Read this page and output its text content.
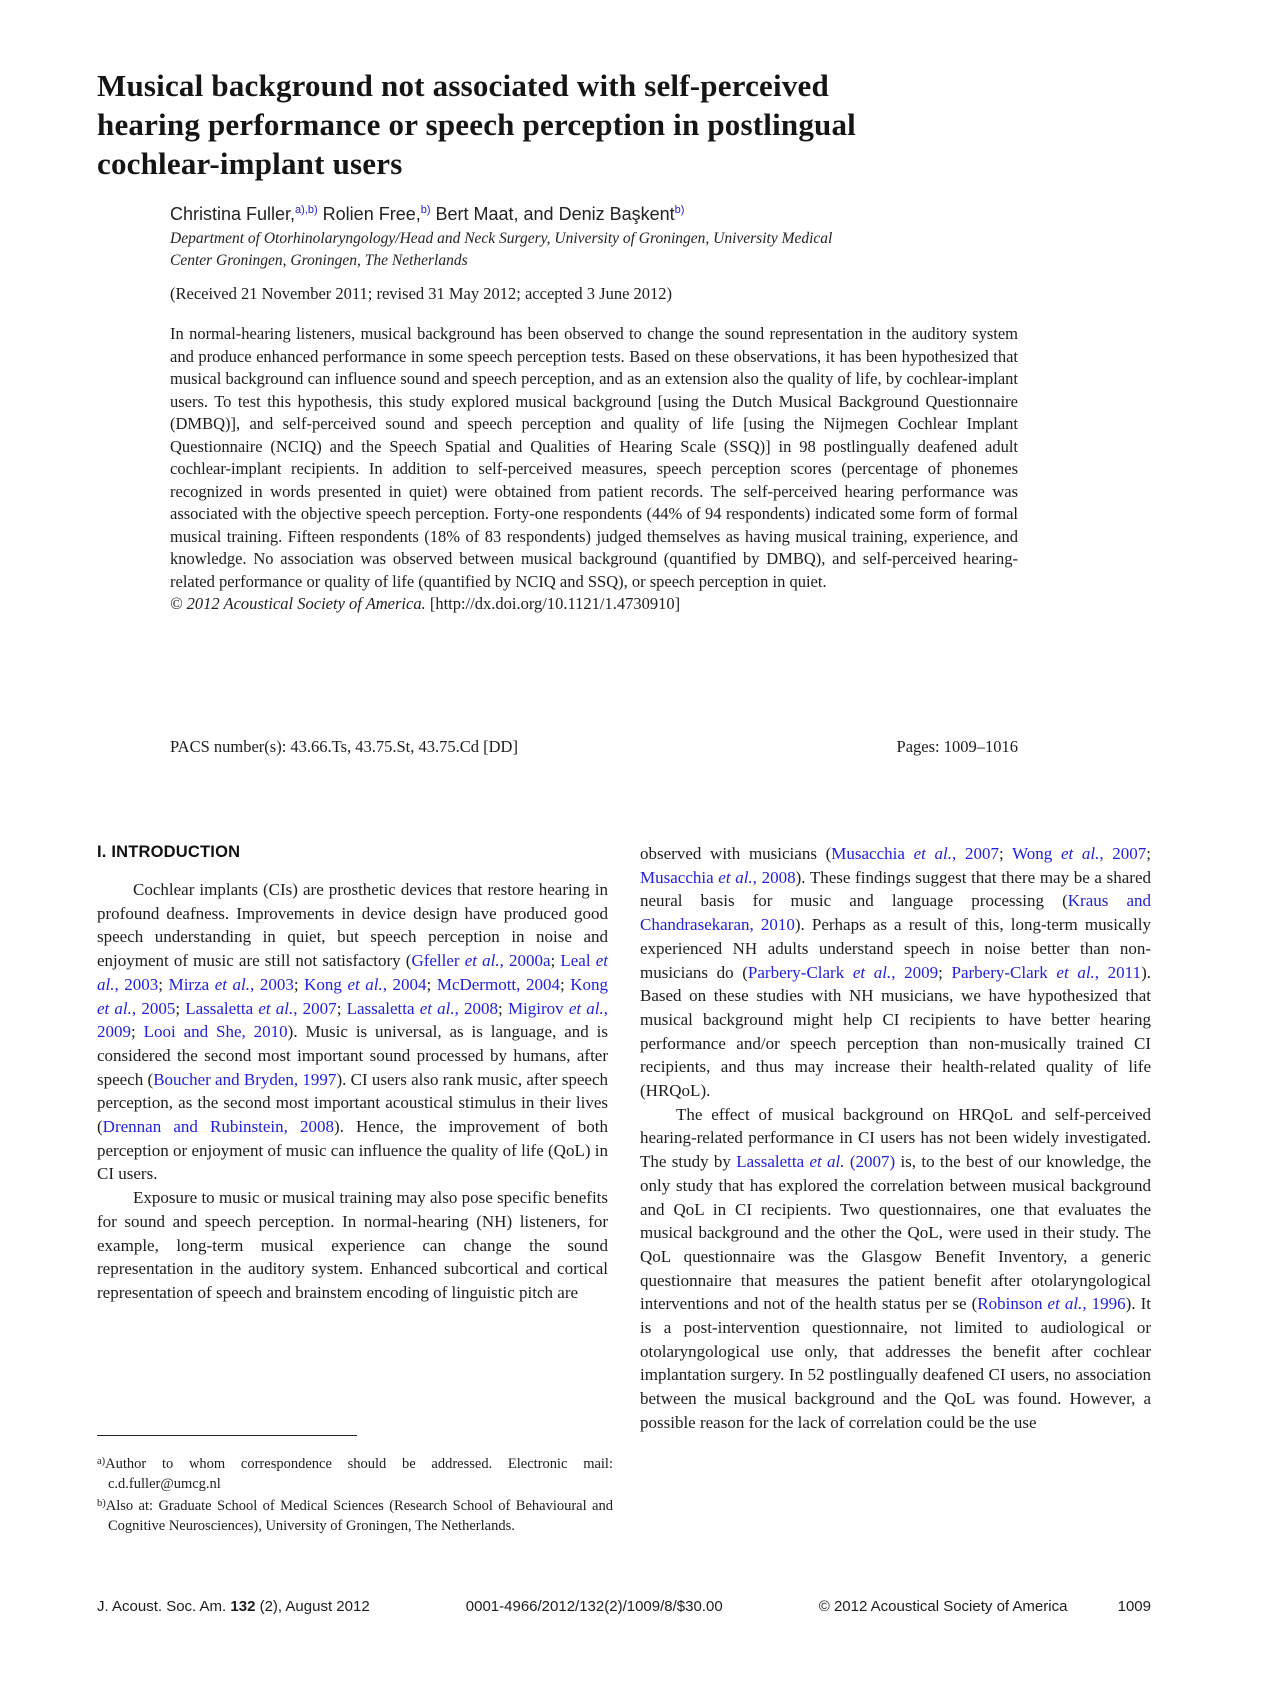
Musical background not associated with self-perceived
hearing performance or speech perception in postlingual
cochlear-implant users
Christina Fuller,$^{a),b)}$ Rolien Free,$^{b)}$ Bert Maat, and Deniz Başkent$^{b)}$
Department of Otorhinolaryngology/Head and Neck Surgery, University of Groningen, University Medical
Center Groningen, Groningen, The Netherlands
(Received 21 November 2011; revised 31 May 2012; accepted 3 June 2012)

In normal-hearing listeners, musical background has been observed to change the sound representation in the auditory system and produce enhanced performance in some speech perception tests. Based on these observations, it has been hypothesized that musical background can influence sound and speech perception, and as an extension also the quality of life, by cochlear-implant users. To test this hypothesis, this study explored musical background [using the Dutch Musical Background Questionnaire (DMBQ)], and self-perceived sound and speech perception and quality of life [using the Nijmegen Cochlear Implant Questionnaire (NCIQ) and the Speech Spatial and Qualities of Hearing Scale (SSQ)] in 98 postlingually deafened adult cochlear-implant recipients. In addition to self-perceived measures, speech perception scores (percentage of phonemes recognized in words presented in quiet) were obtained from patient records. The self-perceived hearing performance was associated with the objective speech perception. Forty-one respondents (44% of 94 respondents) indicated some form of formal musical training. Fifteen respondents (18% of 83 respondents) judged themselves as having musical training, experience, and knowledge. No association was observed between musical background (quantified by DMBQ), and self-perceived hearing-related performance or quality of life (quantified by NCIQ and SSQ), or speech perception in quiet.

© 2012 Acoustical Society of America. [http://dx.doi.org/10.1121/1.4730910]

PACS number(s): 43.66.Ts, 43.75.St, 43.75.Cd [DD]	Pages: 1009–1016
I. INTRODUCTION

Cochlear implants (CIs) are prosthetic devices that restore hearing in profound deafness. Improvements in device design have produced good speech understanding in quiet, but speech perception in noise and enjoyment of music are still not satisfactory (Gfeller et al., 2000a; Leal et al., 2003; Mirza et al., 2003; Kong et al., 2004; McDermott, 2004; Kong et al., 2005; Lassaletta et al., 2007; Lassaletta et al., 2008; Migirov et al., 2009; Looi and She, 2010). Music is universal, as is language, and is considered the second most important sound processed by humans, after speech (Boucher and Bryden, 1997). CI users also rank music, after speech perception, as the second most important acoustical stimulus in their lives (Drennan and Rubinstein, 2008). Hence, the improvement of both perception or enjoyment of music can influence the quality of life (QoL) in CI users.

Exposure to music or musical training may also pose specific benefits for sound and speech perception. In normal-hearing (NH) listeners, for example, long-term musical experience can change the sound representation in the auditory system. Enhanced subcortical and cortical representation of speech and brainstem encoding of linguistic pitch are

observed with musicians (Musacchia et al., 2007; Wong et al., 2007; Musacchia et al., 2008). These findings suggest that there may be a shared neural basis for music and language processing (Kraus and Chandrasekaran, 2010). Perhaps as a result of this, long-term musically experienced NH adults understand speech in noise better than non-musicians do (Parbery-Clark et al., 2009; Parbery-Clark et al., 2011). Based on these studies with NH musicians, we have hypothesized that musical background might help CI recipients to have better hearing performance and/or speech perception than non-musically trained CI recipients, and thus may increase their health-related quality of life (HRQoL).

The effect of musical background on HRQoL and self-perceived hearing-related performance in CI users has not been widely investigated. The study by Lassaletta et al. (2007) is, to the best of our knowledge, the only study that has explored the correlation between musical background and QoL in CI recipients. Two questionnaires, one that evaluates the musical background and the other the QoL, were used in their study. The QoL questionnaire was the Glasgow Benefit Inventory, a generic questionnaire that measures the patient benefit after otolaryngological interventions and not of the health status per se (Robinson et al., 1996). It is a post-intervention questionnaire, not limited to audiological or otolaryngological use only, that addresses the benefit after cochlear implantation surgery. In 52 postlingually deafened CI users, no association between the musical background and the QoL was found. However, a possible reason for the lack of correlation could be the use

$^{a)}$Author to whom correspondence should be addressed. Electronic mail: c.d.fuller@umcg.nl

$^{b)}$Also at: Graduate School of Medical Sciences (Research School of Behavioural and Cognitive Neurosciences), University of Groningen, The Netherlands.

J. Acoust. Soc. Am. 132 (2), August 2012	0001-4966/2012/132(2)/1009/8/$30.00	© 2012 Acoustical Society of America	1009
